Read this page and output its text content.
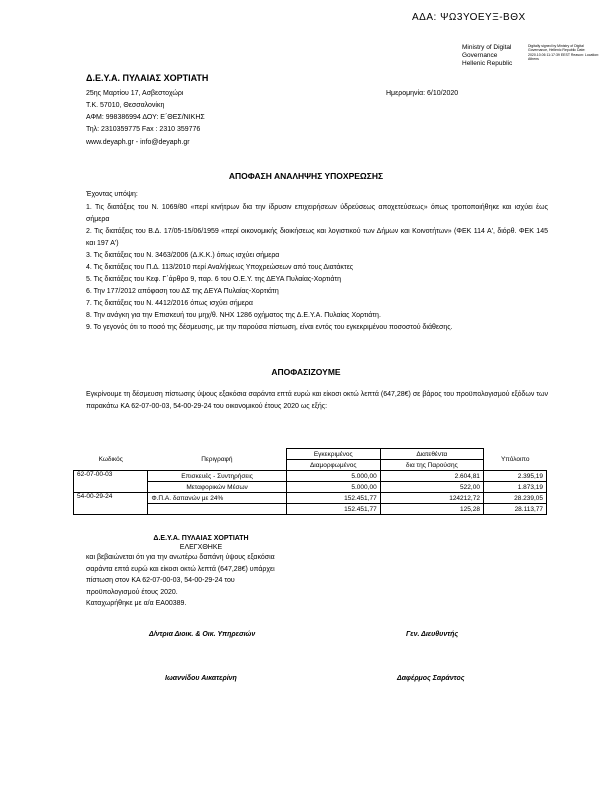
ΑΔΑ: ΨΩ3ΥΟΕΥΞ-ΒΘΧ
Ministry of Digital
Governance
Hellenic Republic
Digitally signed by Ministry of Digital Governance, Hellenic Republic Date: 2020.10.06 11:17:39 EEST Reason: Location: Athens
Δ.Ε.Υ.Α. ΠΥΛΑΙΑΣ ΧΟΡΤΙΑΤΗ
25ης Μαρτίου 17, Ασβεστοχώρι
Τ.Κ. 57010, Θεσσαλονίκη
ΑΦΜ: 998386994 ΔΟΥ: Ε΄ΘΕΣ/ΝΙΚΗΣ
Τηλ: 2310359775 Fax : 2310 359776
www.deyaph.gr - info@deyaph.gr
Ημερομηνία: 6/10/2020
ΑΠΟΦΑΣΗ ΑΝΑΛΗΨΗΣ ΥΠΟΧΡΕΩΣΗΣ
Έχοντας υπόψη:
1. Τις διατάξεις του Ν. 1069/80 «περί κινήτρων δια την ίδρυσιν επιχειρήσεων ύδρεύσεως αποχετεύσεως» όπως τροποποιήθηκε και ισχύει έως σήμερα
2. Τις διατάξεις του Β.Δ. 17/05-15/06/1959 «περί οικονομικής διοικήσεως και λογιστικού των Δήμων και Κοινοτήτων» (ΦΕΚ 114 Α', διόρθ. ΦΕΚ 145 και 197 Α')
3. Τις διατάξεις του Ν. 3463/2006 (Δ.Κ.Κ.) όπως ισχύει σήμερα
4. Τις διατάξεις του Π.Δ. 113/2010 περί Αναλήψεως Υποχρεώσεων από τους Διατάκτες
5. Τις διατάξεις του Κεφ. Γ΄άρθρο 9, παρ. 6 του Ο.Ε.Υ. της ΔΕΥΑ Πυλαίας-Χορτιάτη
6. Την 177/2012 απόφαση του ΔΣ της ΔΕΥΑ Πυλαίας-Χορτιάτη
7. Τις διατάξεις του Ν. 4412/2016 όπως ισχύει σήμερα
8. Την ανάγκη για την Επισκευή του μηχ/θ. ΝΗΧ 1286 οχήματος της Δ.Ε.Υ.Α. Πυλαίας Χορτιάτη.
9. Το γεγονός ότι το ποσό της δέσμευσης, με την παρούσα πίστωση, είναι εντός του εγκεκριμένου ποσοστού διάθεσης.
ΑΠΟΦΑΣΙΖΟΥΜΕ
Εγκρίνουμε τη δέσμευση πίστωσης ύψους εξακόσια σαράντα επτά ευρώ και είκοσι οκτώ λεπτά (647,28€) σε βάρος του προϋπολογισμού εξόδων των παρακάτω ΚΑ 62-07-00-03, 54-00-29-24 του οικονομικού έτους 2020 ως εξής:
Κωδικός	Περιγραφή	Εγκεκριμένος	Διατεθέντα	Υπόλοιπο
		Διαμορφωμένος	δια της Παρούσης	
62-07-00-03	Επισκευές - Συντηρήσεις	5.000,00	2.604,81	2.395,19
	Μεταφορικών Μέσων	5.000,00	522,00	1.873,19
54-00-29-24	Φ.Π.Α. δαπανών με 24%	152.451,77	124212,72	28.239,05
		152.451,77	125,28	28.113,77
Δ.Ε.Υ.Α. ΠΥΛΑΙΑΣ ΧΟΡΤΙΑΤΗ
ΕΛΕΓΧΘΗΚΕ
και βεβαιώνεται ότι για την ανωτέρω δαπάνη ύψους εξακόσια
σαράντα επτά ευρώ και είκοσι οκτώ λεπτά (647,28€) υπάρχει
πίστωση στον ΚΑ 62-07-00-03, 54-00-29-24 του
προϋπολογισμού έτους 2020.
Καταχωρήθηκε με α/α ΕΑ00389.
Δ/ντρια Διοικ. & Οικ. Υπηρεσιών	Γεν. Διευθυντής
Ιωαννίδου Αικατερίνη	Δαφέρμος Σαράντος
